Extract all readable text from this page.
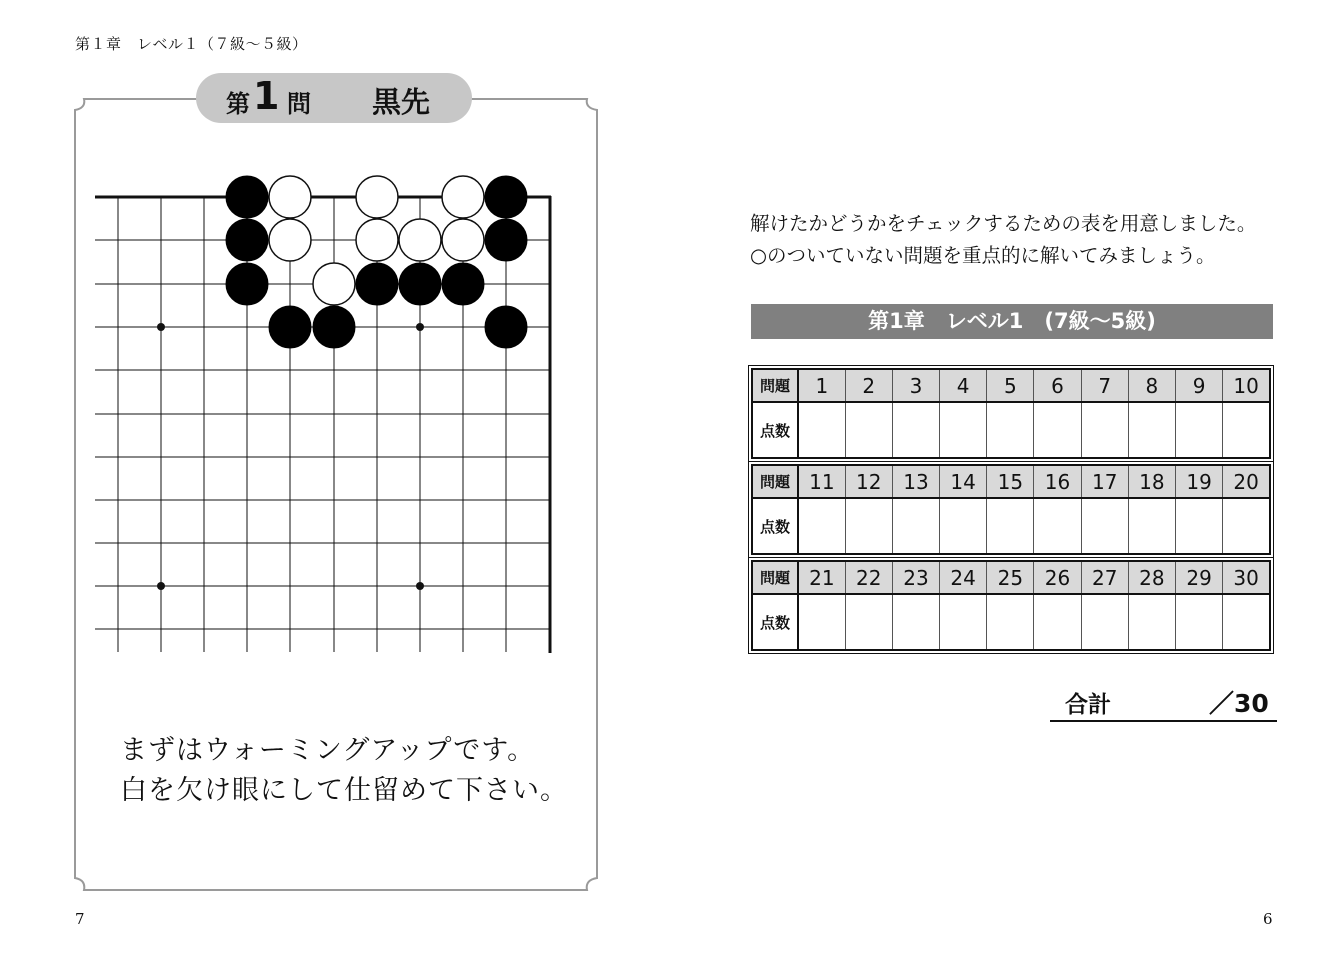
第１章　レベル１（７級～５級）
第 1 問 黒先
まずはウォーミングアップです。
白を欠け眼にして仕留めて下さい。
7
解けたかどうかをチェックするための表を用意しました。
○のついていない問題を重点的に解いてみましょう。
第1章　レベル1　(7級～5級)
問題	1	2	3	4	5	6	7	8	9	10
点数										
問題	11	12	13	14	15	16	17	18	19	20
点数										
問題	21	22	23	24	25	26	27	28	29	30
点数										
合計	／30
6
